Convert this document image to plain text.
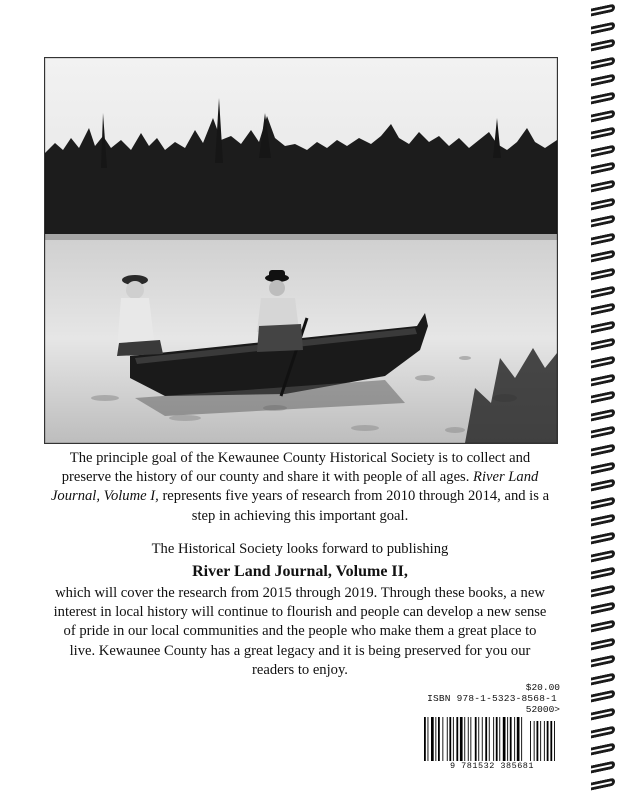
The principle goal of the Kewaunee County Historical Society is to collect and preserve the history of our county and share it with people of all ages. River Land Journal, Volume I, represents five years of research from 2010 through 2014, and is a step in achieving this important goal.

The Historical Society looks forward to publishing

River Land Journal, Volume II,

which will cover the research from 2015 through 2019. Through these books, a new interest in local history will continue to flourish and people can develop a new sense of pride in our local communities and the people who make them a great place to live. Kewaunee County has a great legacy and it is being preserved for you our readers to enjoy.

$20.00
ISBN 978-1-5323-8568-1
52000>
9 781532 385681
